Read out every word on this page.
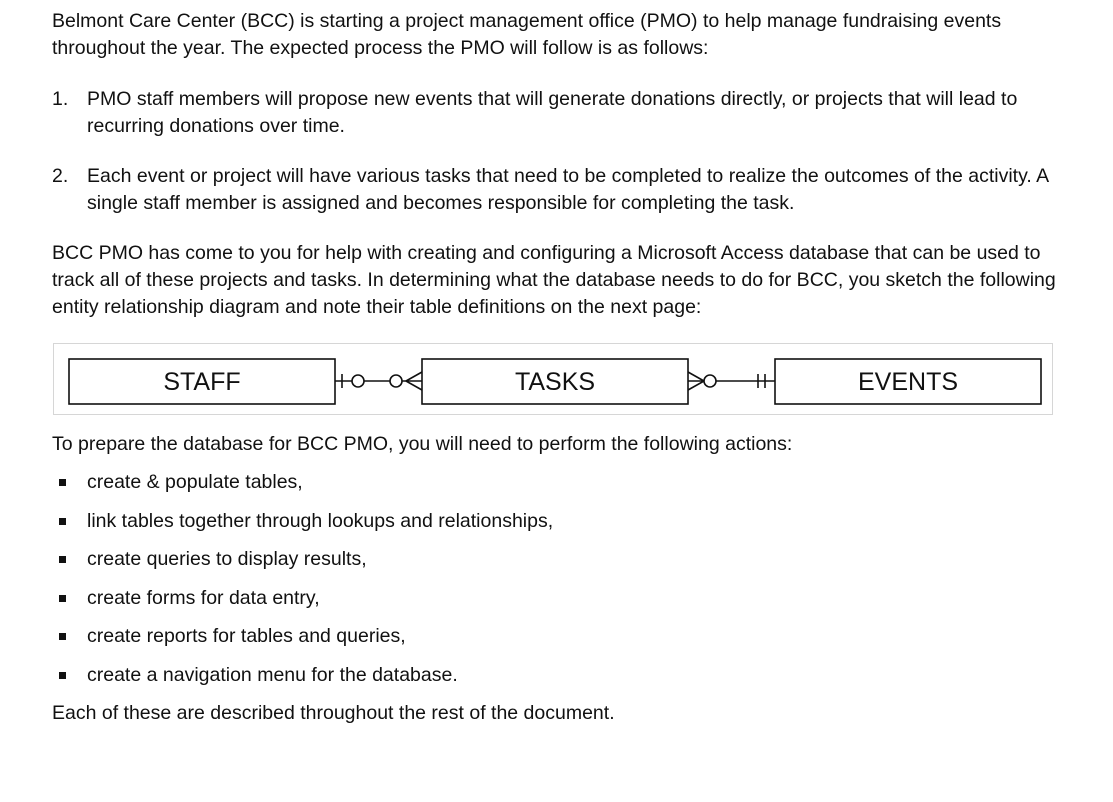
Belmont Care Center (BCC) is starting a project management office (PMO) to help manage fundraising events throughout the year. The expected process the PMO will follow is as follows:

1. PMO staff members will propose new events that will generate donations directly, or projects that will lead to recurring donations over time.
2. Each event or project will have various tasks that need to be completed to realize the outcomes of the activity. A single staff member is assigned and becomes responsible for completing the task.

BCC PMO has come to you for help with creating and configuring a Microsoft Access database that can be used to track all of these projects and tasks. In determining what the database needs to do for BCC, you sketch the following entity relationship diagram and note their table definitions on the next page:

STAFF	TASKS	EVENTS

To prepare the database for BCC PMO, you will need to perform the following actions:

create & populate tables,
link tables together through lookups and relationships,
create queries to display results,
create forms for data entry,
create reports for tables and queries,
create a navigation menu for the database.

Each of these are described throughout the rest of the document.
